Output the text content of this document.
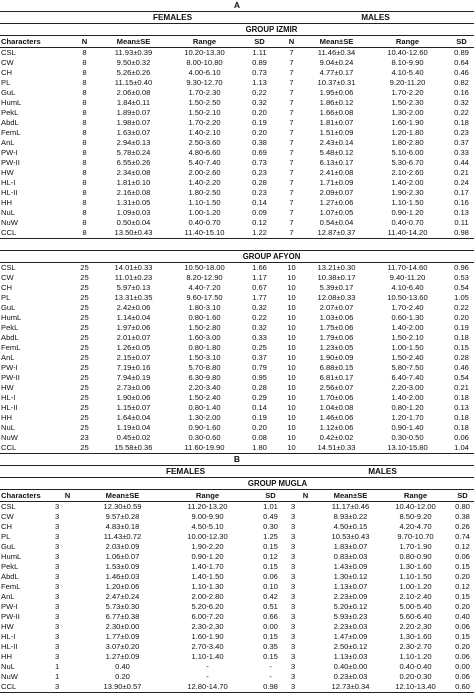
A
	FEMALES				MALES			
	GROUP IZMIR							
Characters	N	Mean±SE	Range	SD	N	Mean±SE	Range	SD
CSL	8	11.93±0.39	10.20-13.30	1.11	7	11.46±0.34	10.40-12.60	0.89
CW	8	9.50±0.32	8.00-10.80	0.89	7	9.04±0.24	8.10-9.90	0.64
CH	8	5.26±0.26	4.00-6.10	0.73	7	4.77±0.17	4.10-5.40	0.46
PL	8	11.15±0.40	9.30-12.70	1.13	7	10.37±0.31	9.20-11.20	0.82
GuL	8	2.06±0.08	1.70-2.30	0.22	7	1.95±0.06	1.70-2.20	0.16
HumL	8	1.84±0.11	1.50-2.50	0.32	7	1.86±0.12	1.50-2.30	0.32
PekL	8	1.89±0.07	1.50-2.10	0.20	7	1.66±0.08	1.30-2.00	0.22
AbdL	8	1.98±0.07	1.70-2.20	0.19	7	1.81±0.07	1.60-1.90	0.18
FemL	8	1.63±0.07	1.40-2.10	0.20	7	1.51±0.09	1.20-1.80	0.23
AnL	8	2.94±0.13	2.50-3.60	0.38	7	2.43±0.14	1.80-2.80	0.37
PW-I	8	5.78±0.24	4.80-6.60	0.69	7	5.48±0.12	5.10-6.00	0.33
PW-II	8	6.55±0.26	5.40-7.40	0.73	7	6.13±0.17	5.30-6.70	0.44
HW	8	2.34±0.08	2.00-2.60	0.23	7	2.41±0.08	2.10-2.60	0.21
HL-I	8	1.81±0.10	1.40-2.20	0.28	7	1.71±0.09	1.40-2.00	0.24
HL-II	8	2.16±0.08	1.80-2.50	0.23	7	2.09±0.07	1.90-2.30	0.17
HH	8	1.31±0.05	1.10-1.50	0.14	7	1.27±0.06	1.10-1.50	0.16
NuL	8	1.09±0.03	1.00-1.20	0.09	7	1.07±0.05	0.90-1.20	0.13
NuW	8	0.50±0.04	0.40-0.70	0.12	7	0.54±0.04	0.40-0.70	0.11
CCL	8	13.50±0.43	11.40-15.10	1.22	7	12.87±0.37	11.40-14.20	0.98

	GROUP AFYON							
CSL	25	14.01±0.33	10.50-18.00	1.66	10	13.21±0.30	11.70-14.60	0.96
CW	25	11.01±0.23	8.20-12.90	1.17	10	10.38±0.17	9.40-11.20	0.53
CH	25	5.97±0.13	4.40-7.20	0.67	10	5.39±0.17	4.10-6.40	0.54
PL	25	13.31±0.35	9.60-17.50	1.77	10	12.08±0.33	10.50-13.60	1.05
GuL	25	2.42±0.06	1.80-3.10	0.32	10	2.07±0.07	1.70-2.40	0.22
HumL	25	1.14±0.04	0.80-1.60	0.22	10	1.03±0.06	0.60-1.30	0.20
PekL	25	1.97±0.06	1.50-2.80	0.32	10	1.75±0.06	1.40-2.00	0.19
AbdL	25	2.01±0.07	1.60-3.00	0.33	10	1.79±0.06	1.50-2.10	0.18
FemL	25	1.26±0.05	0.80-1.80	0.25	10	1.23±0.05	1.00-1.50	0.15
AnL	25	2.15±0.07	1.50-3.10	0.37	10	1.90±0.09	1.50-2.40	0.28
PW-I	25	7.19±0.16	5.70-8.80	0.79	10	6.88±0.15	5.80-7.50	0.46
PW-II	25	7.94±0.19	6.30-9.80	0.95	10	6.81±0.17	6.40-7.40	0.54
HW	25	2.73±0.06	2.20-3.40	0.28	10	2.56±0.07	2.20-3.00	0.21
HL-I	25	1.90±0.06	1.50-2.40	0.29	10	1.70±0.06	1.40-2.00	0.18
HL-II	25	1.15±0.07	0.80-1.40	0.14	10	1.04±0.08	0.80-1.20	0.13
HH	25	1.64±0.04	1.30-2.00	0.19	10	1.46±0.06	1.20-1.70	0.18
NuL	25	1.19±0.04	0.90-1.60	0.20	10	1.12±0.06	0.90-1.40	0.18
NuW	23	0.45±0.02	0.30-0.60	0.08	10	0.42±0.02	0.30-0.50	0.06
CCL	25	15.58±0.36	11.60-19.90	1.80	10	14.51±0.33	13.10-15.80	1.04
B
		FEMALES			MALES			
		GROUP MUGLA						
Characters	N	Mean±SE	Range	SD	N	Mean±SE	Range	SD
CSL	3	12.30±0.59	11.20-13.20	1.01	3	11.17±0.46	10.40-12.00	0.80
CW	3	9.57±0.28	9.00-9.90	0.49	3	8.93±0.22	8.50-9.20	0.38
CH	3	4.83±0.18	4.50-5.10	0.30	3	4.50±0.15	4.20-4.70	0.26
PL	3	11.43±0.72	10.00-12.30	1.25	3	10.53±0.43	9.70-10.70	0.74
GuL	3	2.03±0.09	1.90-2.20	0.15	3	1.83±0.07	1.70-1.90	0.12
HumL	3	1.06±0.07	0.90-1.20	0.12	3	0.83±0.03	0.80-0.90	0.06
PekL	3	1.53±0.09	1.40-1.70	0.15	3	1.43±0.09	1.30-1.60	0.15
AbdL	3	1.46±0.03	1.40-1.50	0.06	3	1.30±0.12	1.10-1.50	0.20
FemL	3	1.20±0.06	1.10-1.30	0.10	3	1.13±0.07	1.00-1.20	0.12
AnL	3	2.47±0.24	2.00-2.80	0.42	3	2.23±0.09	2.10-2.40	0.15
PW-I	3	5.73±0.30	5.20-6.20	0.51	3	5.20±0.12	5.00-5.40	0.20
PW-II	3	6.77±0.38	6.00-7.20	0.66	3	5.93±0.23	5.60-6.40	0.40
HW	3	2.30±0.00	2.30-2.30	0.00	3	2.23±0.03	2.20-2.30	0.06
HL-I	3	1.77±0.09	1.60-1.90	0.15	3	1.47±0.09	1.30-1.60	0.15
HL-II	3	3.07±0.20	2.70-3.40	0.35	3	2.50±0.12	2.30-2.70	0.20
HH	3	1.27±0.09	1.10-1.40	0.15	3	1.13±0.03	1.10-1.20	0.06
NuL	1	0.40	-	-	3	0.40±0.00	0.40-0.40	0.00
NuW	1	0.20	-	-	3	0.23±0.03	0.20-0.30	0.06
CCL	3	13.90±0.57	12.80-14.70	0.98	3	12.73±0.34	12.10-13.40	0.60
